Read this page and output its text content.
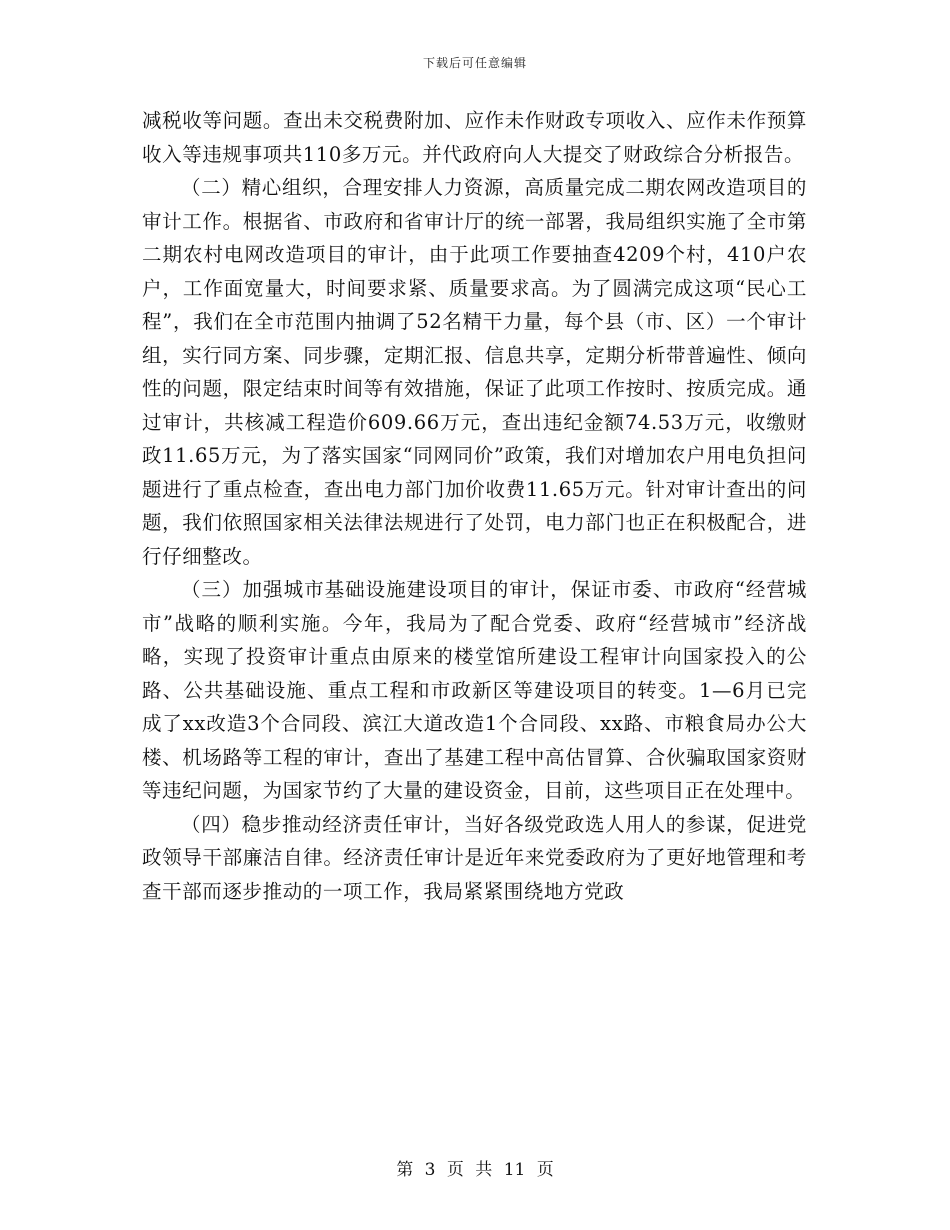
下载后可任意编辑

减税收等问题。查出未交税费附加、应作未作财政专项收入、应作未作预算收入等违规事项共110多万元。并代政府向人大提交了财政综合分析报告。

（二）精心组织，合理安排人力资源，高质量完成二期农网改造项目的审计工作。根据省、市政府和省审计厅的统一部署，我局组织实施了全市第二期农村电网改造项目的审计，由于此项工作要抽查4209个村，410户农户，工作面宽量大，时间要求紧、质量要求高。为了圆满完成这项“民心工程”，我们在全市范围内抽调了52名精干力量，每个县（市、区）一个审计组，实行同方案、同步骤，定期汇报、信息共享，定期分析带普遍性、倾向性的问题，限定结束时间等有效措施，保证了此项工作按时、按质完成。通过审计，共核减工程造价609.66万元，查出违纪金额74.53万元，收缴财政11.65万元，为了落实国家“同网同价”政策，我们对增加农户用电负担问题进行了重点检查，查出电力部门加价收费11.65万元。针对审计查出的问题，我们依照国家相关法律法规进行了处罚，电力部门也正在积极配合，进行仔细整改。

（三）加强城市基础设施建设项目的审计，保证市委、市政府“经营城市”战略的顺利实施。今年，我局为了配合党委、政府“经营城市”经济战略，实现了投资审计重点由原来的楼堂馆所建设工程审计向国家投入的公路、公共基础设施、重点工程和市政新区等建设项目的转变。1—6月已完成了xx改造3个合同段、滨江大道改造1个合同段、xx路、市粮食局办公大楼、机场路等工程的审计，查出了基建工程中高估冒算、合伙骗取国家资财等违纪问题，为国家节约了大量的建设资金，目前，这些项目正在处理中。

（四）稳步推动经济责任审计，当好各级党政选人用人的参谋，促进党政领导干部廉洁自律。经济责任审计是近年来党委政府为了更好地管理和考查干部而逐步推动的一项工作，我局紧紧围绕地方党政

第 3 页 共 11 页
